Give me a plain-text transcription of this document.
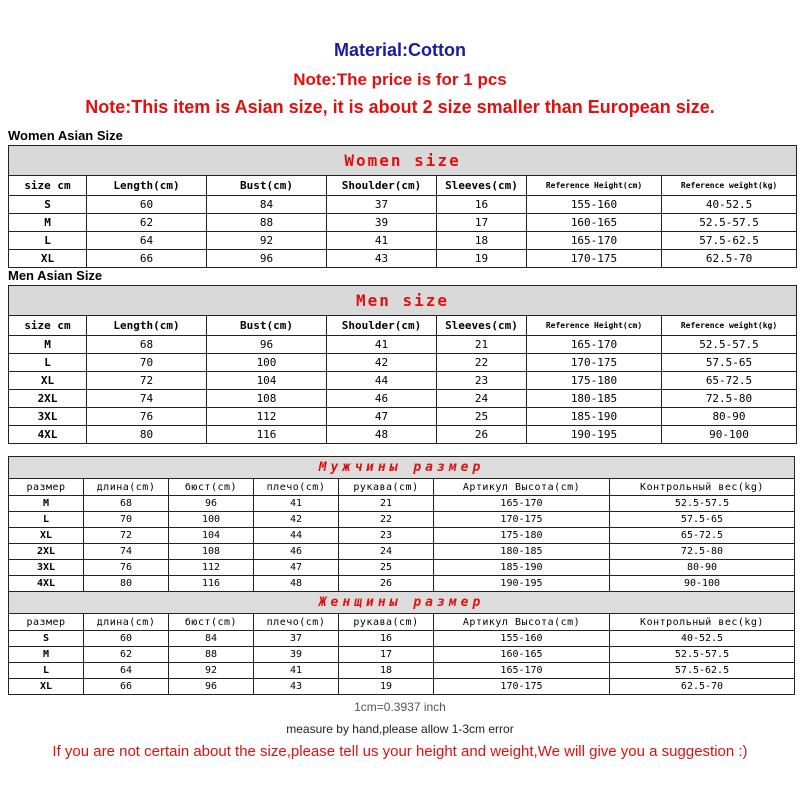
Material:Cotton
Note:The price is for 1 pcs
Note:This item is Asian size, it is about 2 size smaller than European size.
Women Asian Size
Women size						
size cm	Length(cm)	Bust(cm)	Shoulder(cm)	Sleeves(cm)	Reference Height(cm)	Reference weight(kg)
S	60	84	37	16	155-160	40-52.5
M	62	88	39	17	160-165	52.5-57.5
L	64	92	41	18	165-170	57.5-62.5
XL	66	96	43	19	170-175	62.5-70
Men Asian Size
Men size						
size cm	Length(cm)	Bust(cm)	Shoulder(cm)	Sleeves(cm)	Reference Height(cm)	Reference weight(kg)
M	68	96	41	21	165-170	52.5-57.5
L	70	100	42	22	170-175	57.5-65
XL	72	104	44	23	175-180	65-72.5
2XL	74	108	46	24	180-185	72.5-80
3XL	76	112	47	25	185-190	80-90
4XL	80	116	48	26	190-195	90-100
Мужчины размер						
размер	длина(cm)	бюст(cm)	плечо(cm)	рукава(cm)	Артикул Высота(cm)	Контрольный вес(kg)
M	68	96	41	21	165-170	52.5-57.5
L	70	100	42	22	170-175	57.5-65
XL	72	104	44	23	175-180	65-72.5
2XL	74	108	46	24	180-185	72.5-80
3XL	76	112	47	25	185-190	80-90
4XL	80	116	48	26	190-195	90-100
Женщины размер						
размер	длина(cm)	бюст(cm)	плечо(cm)	рукава(cm)	Артикул Высота(cm)	Контрольный вес(kg)
S	60	84	37	16	155-160	40-52.5
M	62	88	39	17	160-165	52.5-57.5
L	64	92	41	18	165-170	57.5-62.5
XL	66	96	43	19	170-175	62.5-70
1cm=0.3937 inch
measure by hand,please allow 1-3cm error
If you are not certain about the size,please tell us your height and weight,We will give you a suggestion :)
